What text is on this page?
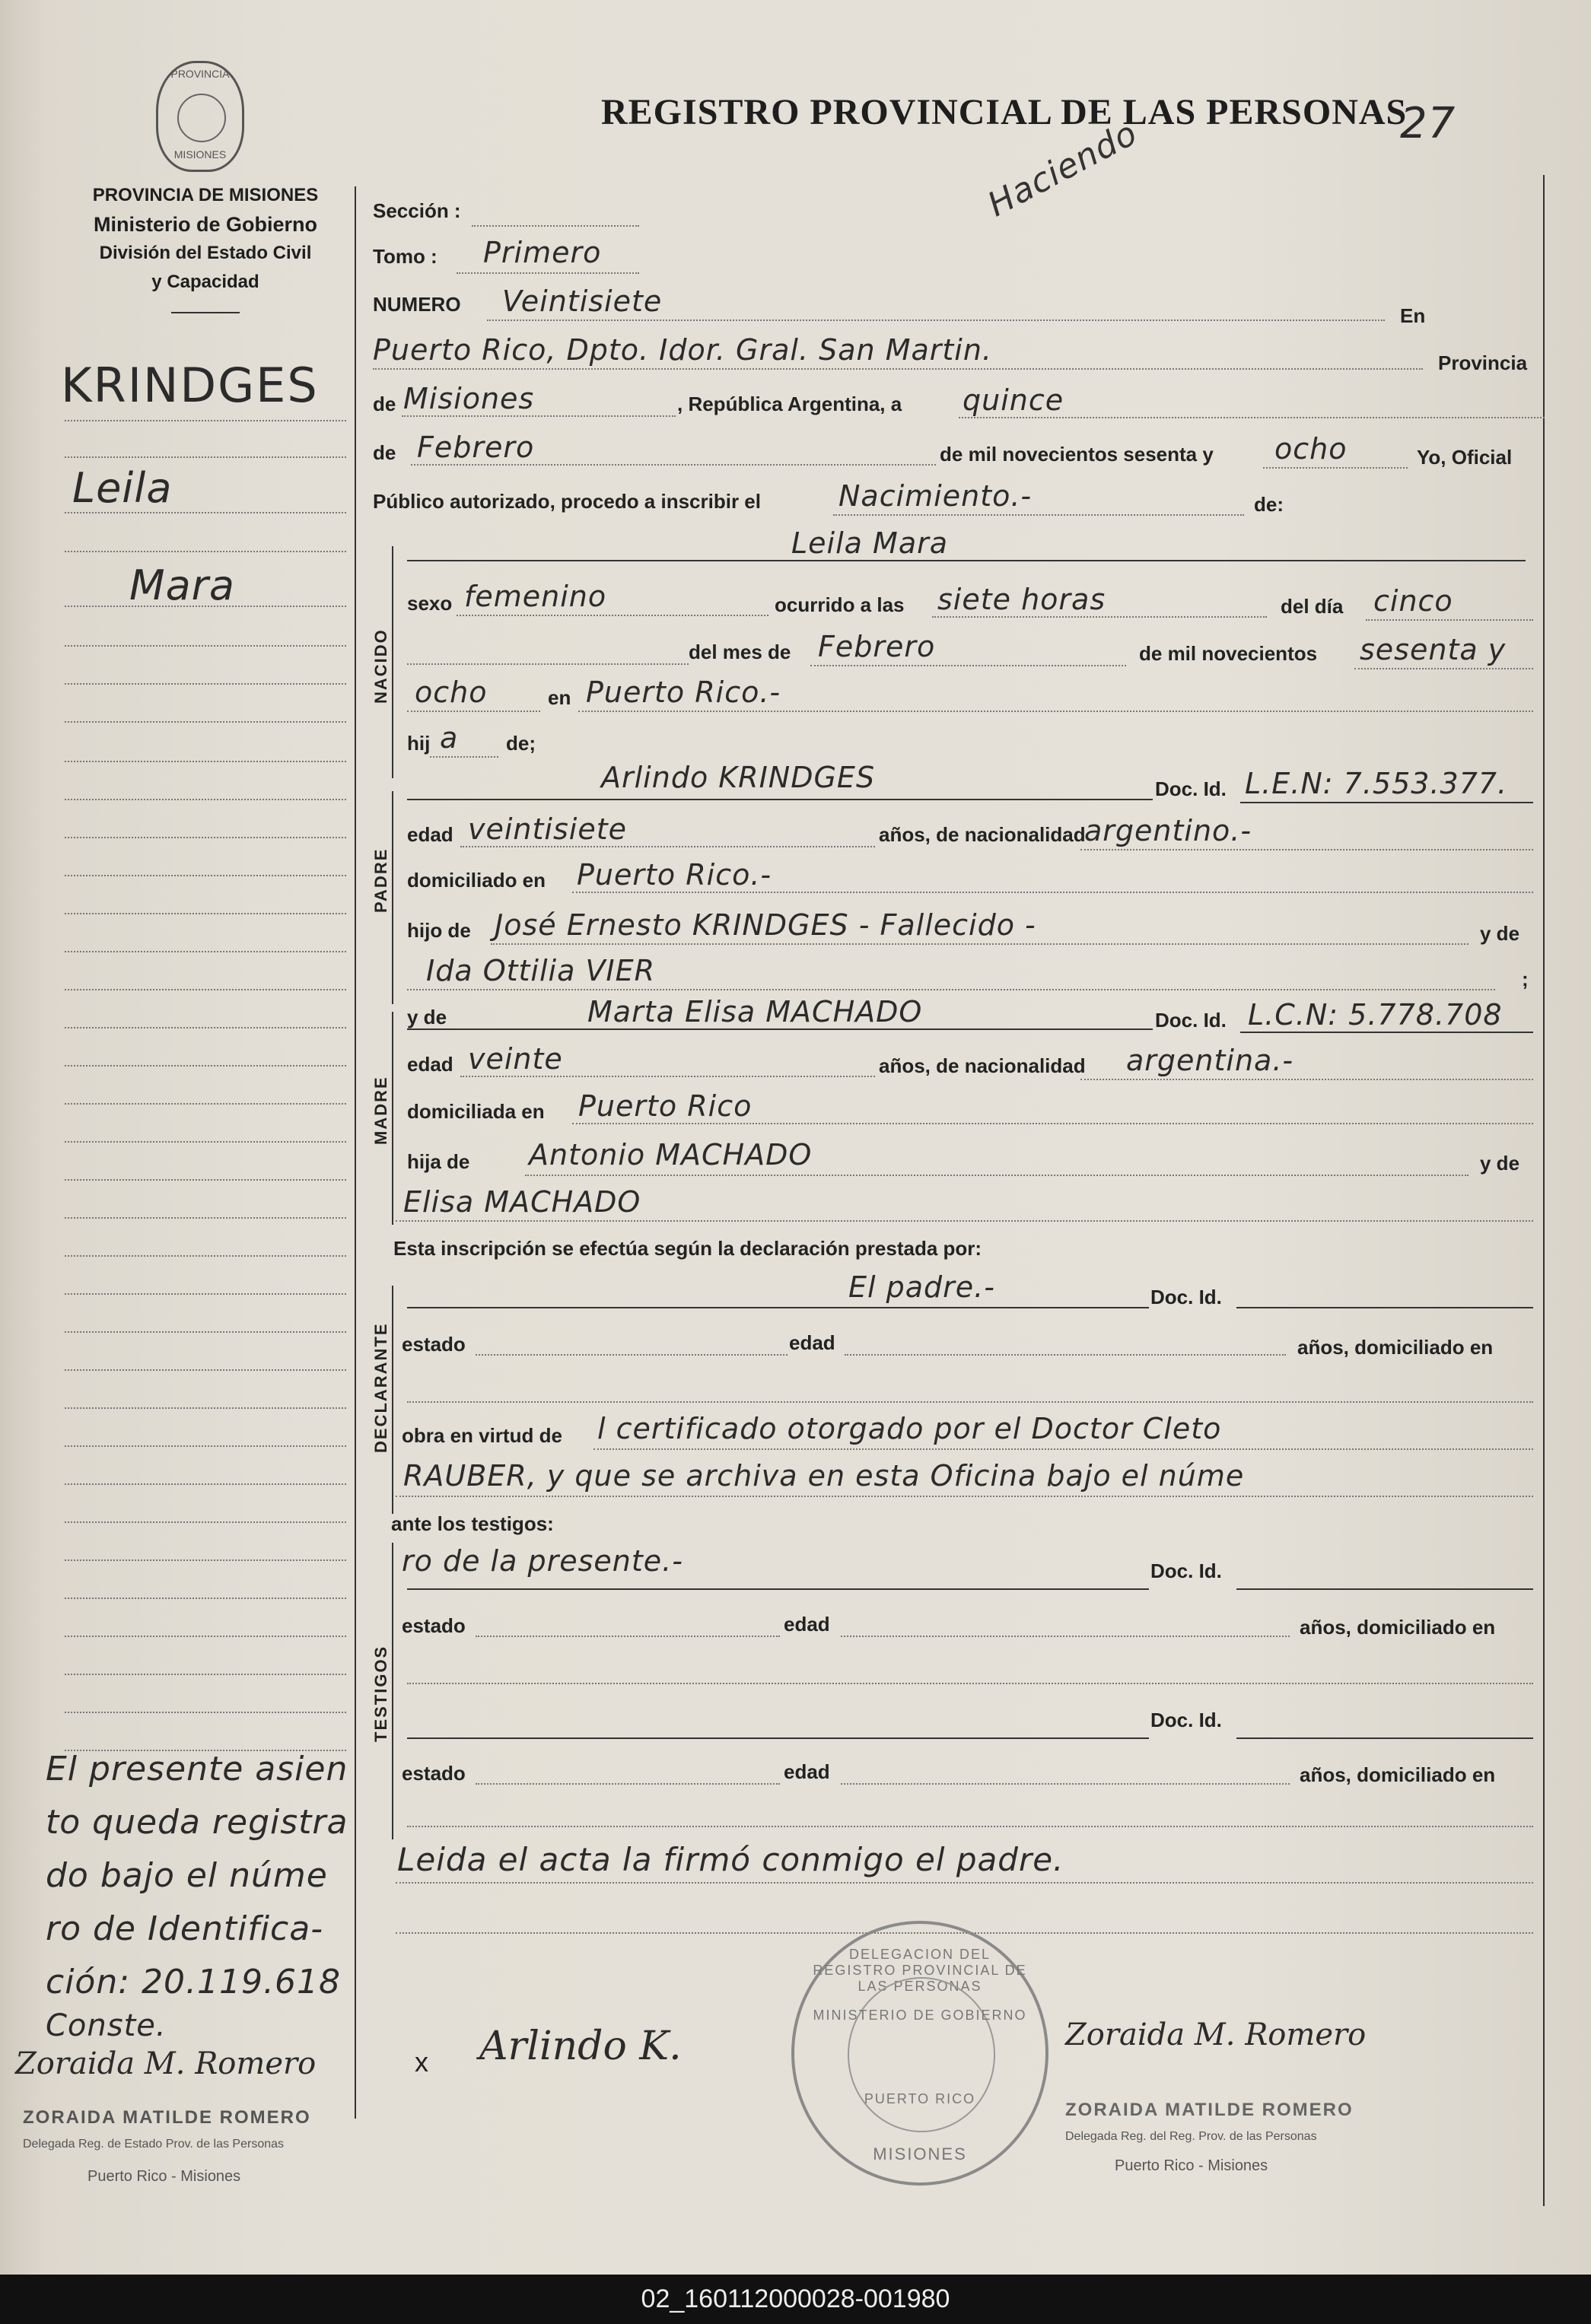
PROVINCIA
MISIONES
PROVINCIA DE MISIONES
Ministerio de Gobierno
División del Estado Civil
y Capacidad
REGISTRO PROVINCIAL DE LAS PERSONAS
27
Haciendo
KRINDGES
Leila
Mara
El presente asien
to queda registra
do bajo el núme
ro de Identifica-
ción: 20.119.618
Conste.
Zoraida M. Romero
ZORAIDA MATILDE ROMERO
Delegada Reg. de Estado Prov. de las Personas
Puerto Rico - Misiones
Sección :
Tomo : Primero
NUMERO Veintisiete	En
Puerto Rico, Dpto. Idor. Gral. San Martin.	Provincia
de Misiones	, República Argentina, a quince
de Febrero	de mil novecientos sesenta y ocho	Yo, Oficial
Público autorizado, procedo a inscribir el	Nacimiento.-	de:
NACIDO
Leila Mara
sexo femenino	ocurrido a las siete horas	del día cinco
del mes de Febrero	de mil novecientos sesenta y
ocho	en Puerto Rico.-
hij a de;
PADRE
Arlindo KRINDGES	Doc. Id. L.E.N: 7.553.377.
edad veintisiete	años, de nacionalidad
argentino.-
domiciliado en Puerto Rico.-
hijo de José Ernesto KRINDGES - Fallecido -	y de
Ida Ottilia VIER	;
MADRE
y de	Marta Elisa MACHADO	Doc. Id. L.C.N: 5.778.708
edad veinte	años, de nacionalidad argentina.-
domiciliada en Puerto Rico
hija de Antonio MACHADO	y de
Elisa MACHADO
Esta inscripción se efectúa según la declaración prestada por:
DECLARANTE
El padre.-	Doc. Id.
estado	edad	años, domiciliado en
obra en virtud de l certificado otorgado por el Doctor Cleto
RAUBER, y que se archiva en esta Oficina bajo el núme
ante los testigos:
TESTIGOS
ro de la presente.-	Doc. Id.
estado	edad	años, domiciliado en
Doc. Id.
estado	edad	años, domiciliado en
Leida el acta la firmó conmigo el padre.
DELEGACION DEL REGISTRO PROVINCIAL DE LAS PERSONAS
MINISTERIO DE GOBIERNO
PUERTO RICO
MISIONES
x Arlindo K.	Zoraida M. Romero
ZORAIDA MATILDE ROMERO
Delegada Reg. del Reg. Prov. de las Personas
Puerto Rico - Misiones
02_160112000028-001980
